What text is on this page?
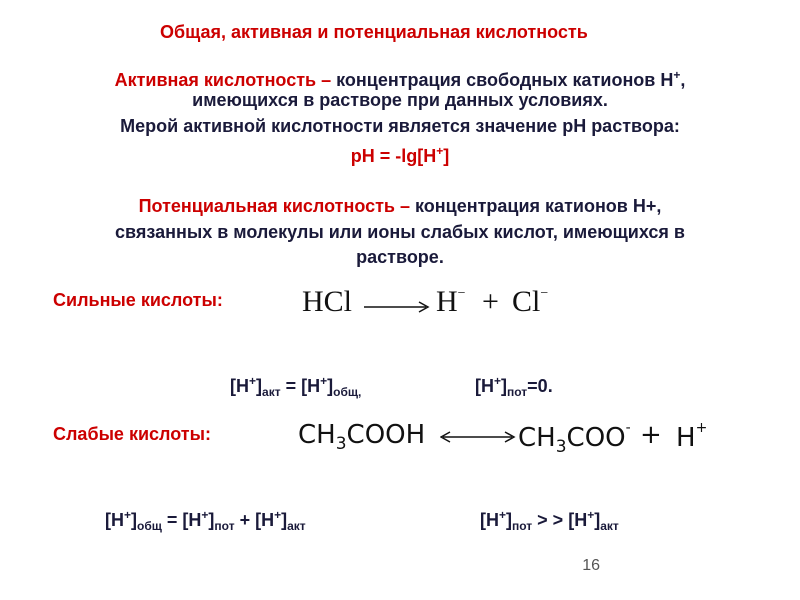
Общая, активная и потенциальная кислотность
Активная кислотность – концентрация свободных катионов Н+,
имеющихся в растворе при данных условиях.
Мерой активной кислотности является значение рН раствора:
pH = -lg[H+]
Потенциальная кислотность – концентрация катионов Н+,
связанных в молекулы или ионы слабых кислот, имеющихся в
растворе.
Сильные кислоты:	HCl	H− + Cl−
$[H^+]_{акт} = [H^+]_{общ,}$	$[H^+]_{пот}=0$.
Слабые кислоты:	$CH_3COOH$	$CH_3COO^- + H^+$
$[H^+]_{общ} = [H^+]_{пот} + [H^+]_{акт}$	$[H^+]_{пот}$ > > $[H^+]_{акт}$
16
